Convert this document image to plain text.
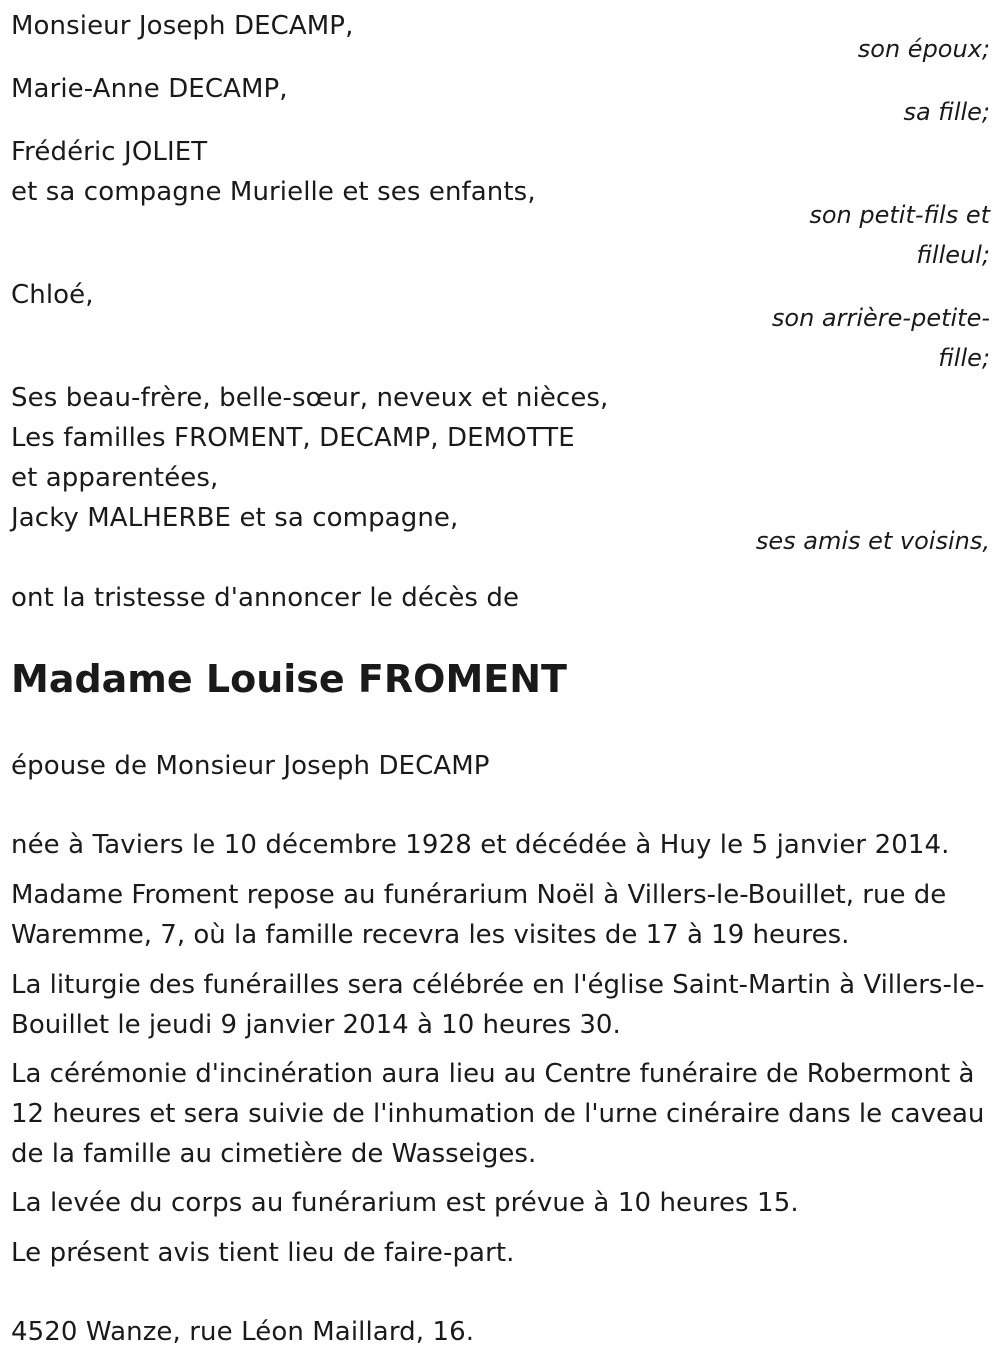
Monsieur Joseph DECAMP,
son époux;
Marie-Anne DECAMP,
sa fille;
Frédéric JOLIET
et sa compagne Murielle et ses enfants,
son petit-fils et
filleul;
Chloé,
son arrière-petite-
fille;
Ses beau-frère, belle-sœur, neveux et nièces,
Les familles FROMENT, DECAMP, DEMOTTE
et apparentées,
Jacky MALHERBE et sa compagne,
ses amis et voisins,
ont la tristesse d'annoncer le décès de
Madame Louise FROMENT
épouse de Monsieur Joseph DECAMP
née à Taviers le 10 décembre 1928 et décédée à Huy le 5 janvier 2014.
Madame Froment repose au funérarium Noël à Villers-le-Bouillet, rue de Waremme, 7, où la famille recevra les visites de 17 à 19 heures.
La liturgie des funérailles sera célébrée en l'église Saint-Martin à Villers-le-Bouillet le jeudi 9 janvier 2014 à 10 heures 30.
La cérémonie d'incinération aura lieu au Centre funéraire de Robermont à 12 heures et sera suivie de l'inhumation de l'urne cinéraire dans le caveau de la famille au cimetière de Wasseiges.
La levée du corps au funérarium est prévue à 10 heures 15.
Le présent avis tient lieu de faire-part.
4520 Wanze, rue Léon Maillard, 16.
